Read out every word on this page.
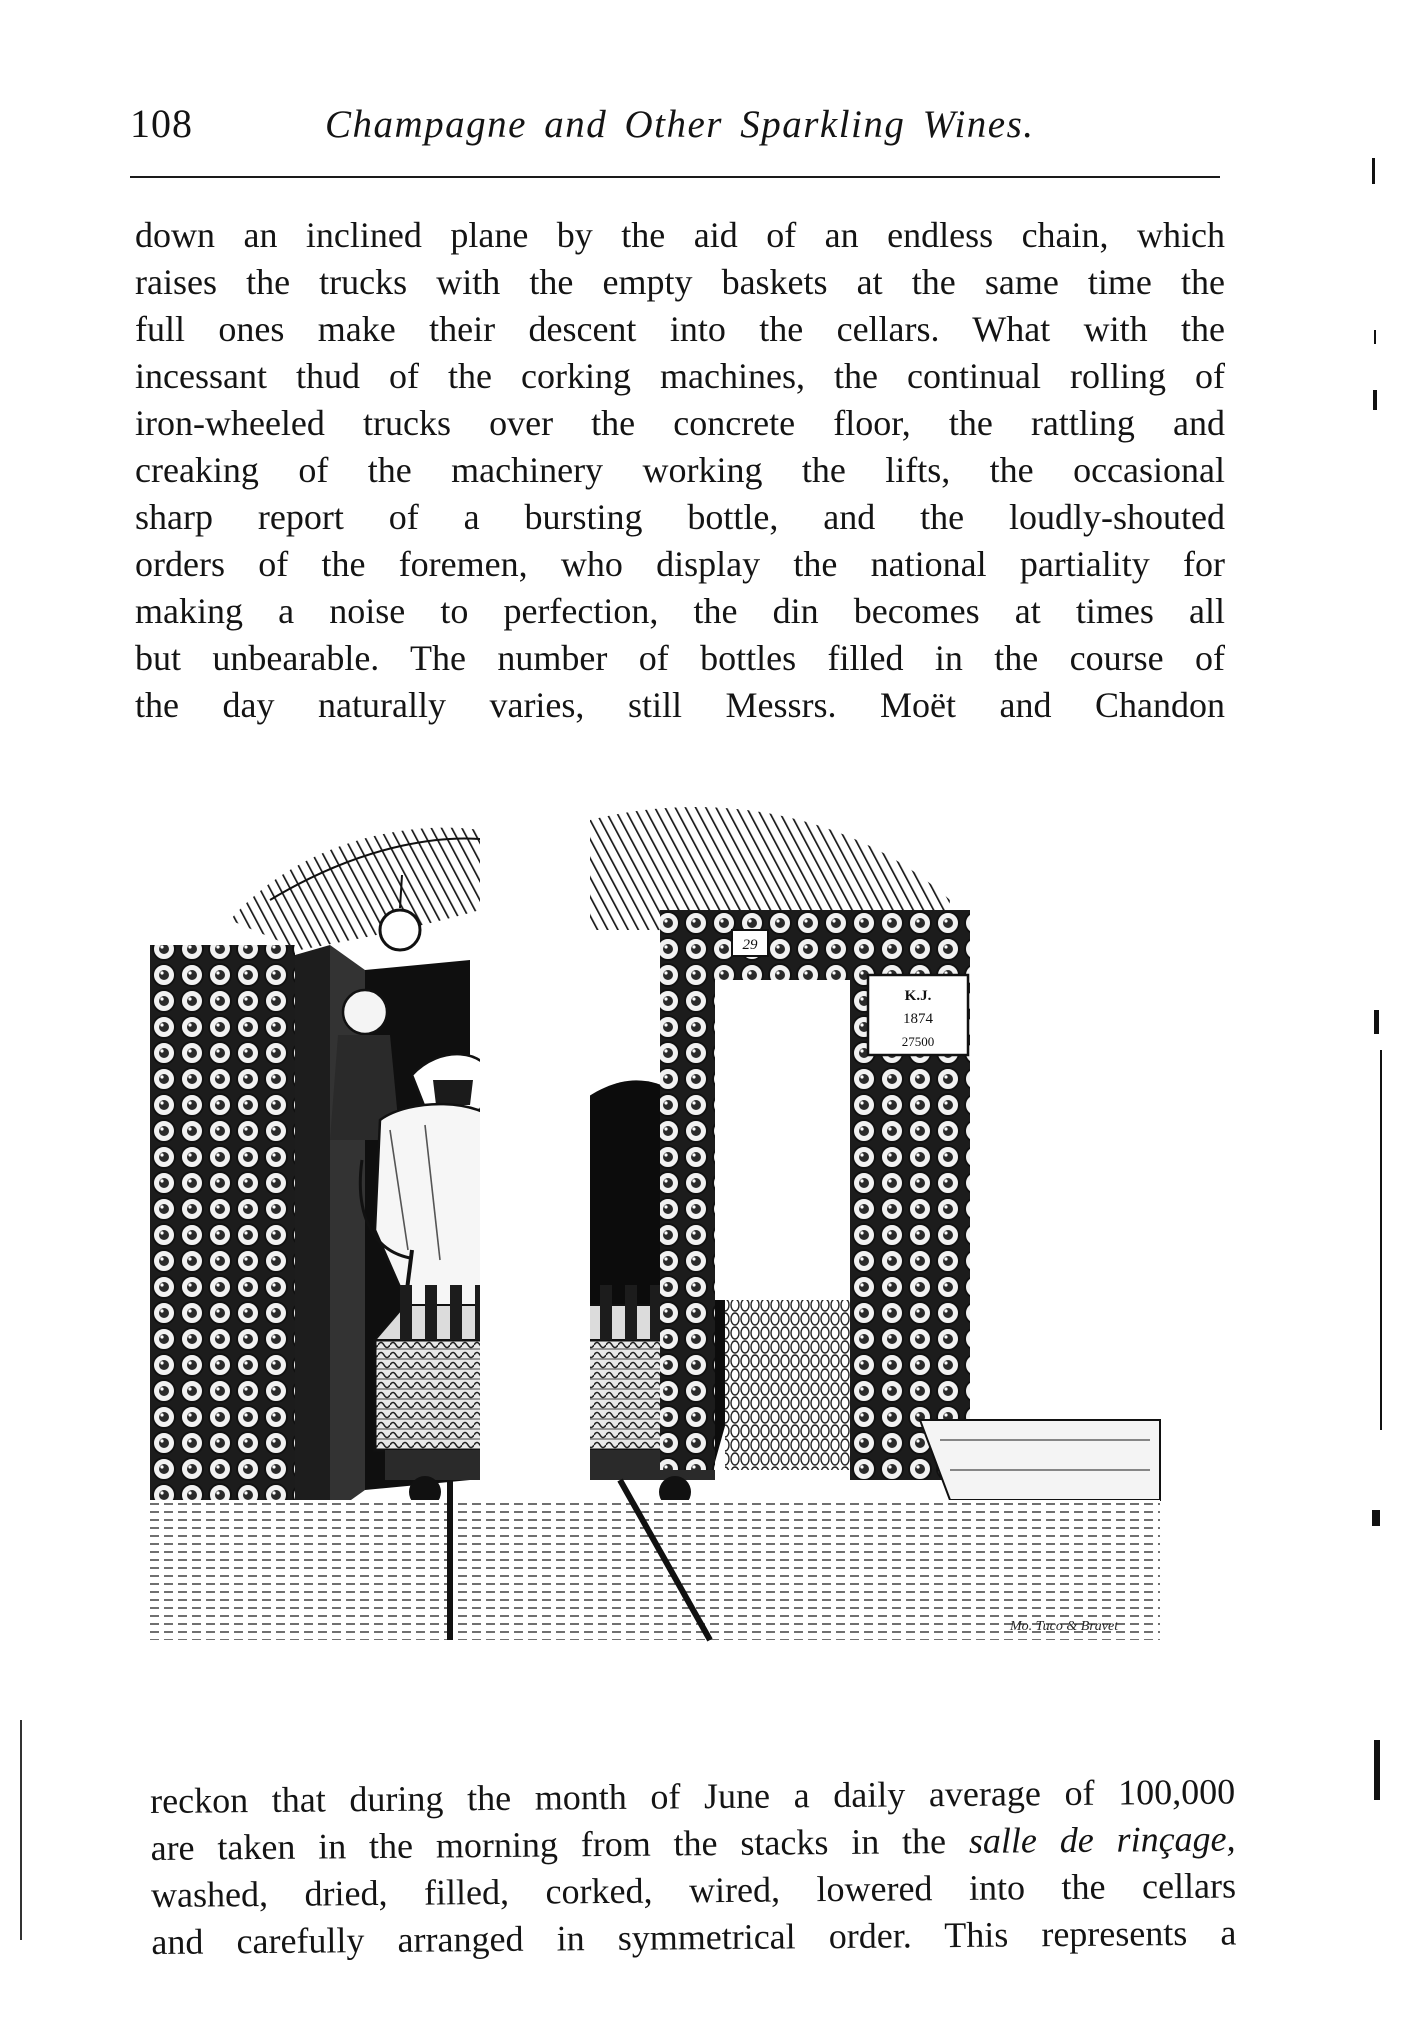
108	Champagne and Other Sparkling Wines.
down an inclined plane by the aid of an endless chain, which
raises the trucks with the empty baskets at the same time the
full ones make their descent into the cellars. What with the
incessant thud of the corking machines, the continual rolling of
iron-wheeled trucks over the concrete floor, the rattling and
creaking of the machinery working the lifts, the occasional
sharp report of a bursting bottle, and the loudly-shouted
orders of the foremen, who display the national partiality for
making a noise to perfection, the din becomes at times all
but unbearable. The number of bottles filled in the course of
the day naturally varies, still Messrs. Moët and Chandon
29
K.J.
1874
27500
Mo. Tuco & Bravet
reckon that during the month of June a daily average of 100,000
are taken in the morning from the stacks in the salle de rinçage,
washed, dried, filled, corked, wired, lowered into the cellars
and carefully arranged in symmetrical order. This represents a
